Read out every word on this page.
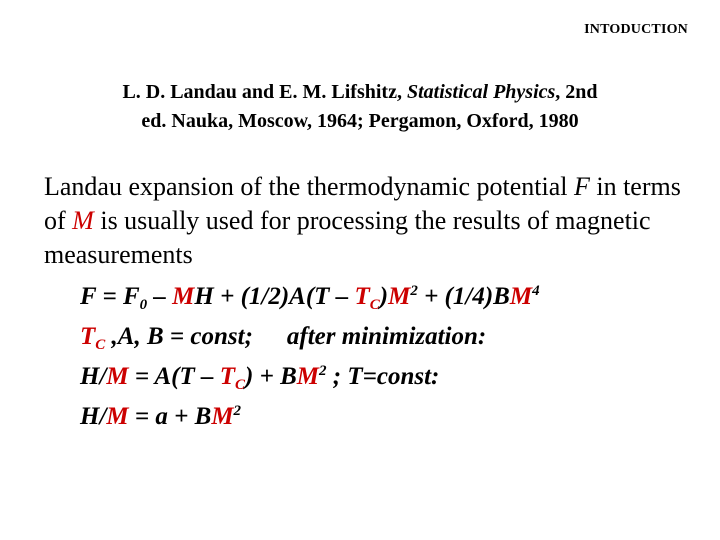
INTODUCTION
L. D. Landau and E. M. Lifshitz, Statistical Physics, 2nd
ed. Nauka, Moscow, 1964; Pergamon, Oxford, 1980
Landau expansion of the thermodynamic potential F in terms of M is usually used for processing the results of magnetic measurements
$F = F_0$ – MH + $(1/2)A(T - T_C)M^2 + (1/4)BM^4$
$T_C$ ,A, B = const; after minimization:
$H/M = A(T - T_C) + BM^2$ ; T=const:
$H/M = a + BM^2$
